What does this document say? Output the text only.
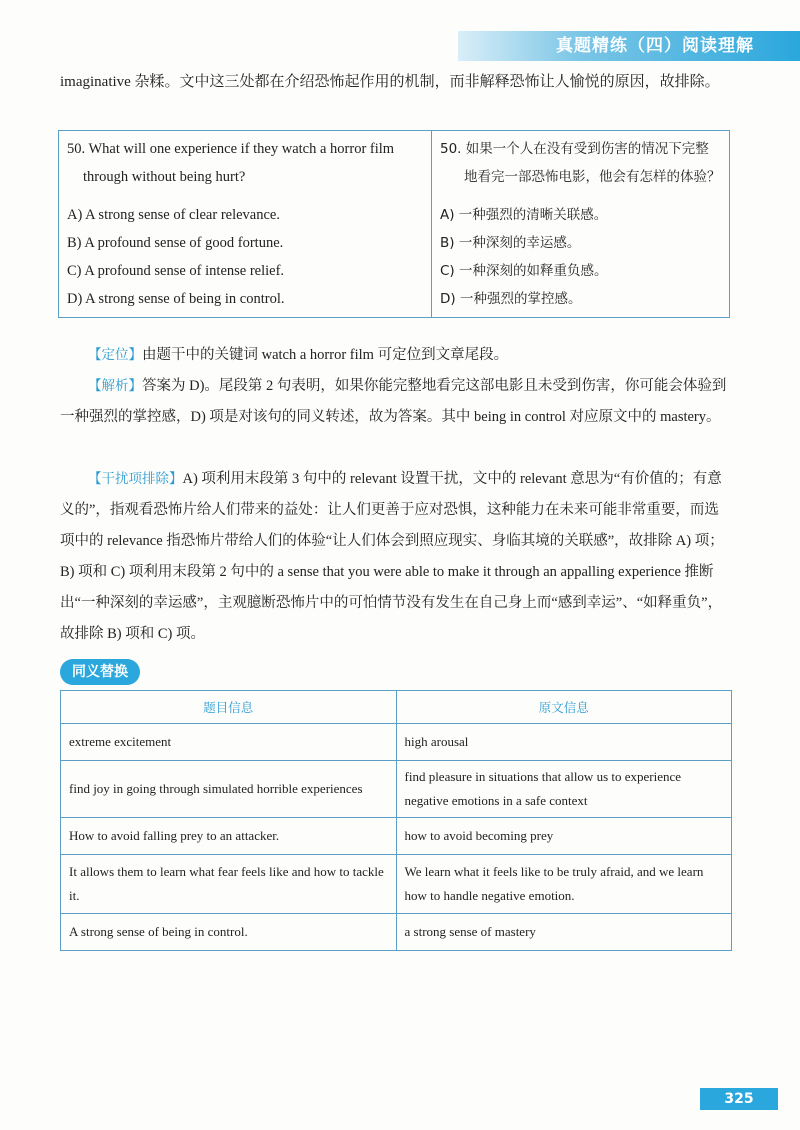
真题精练（四）阅读理解
imaginative 杂糅。文中这三处都在介绍恐怖起作用的机制，而非解释恐怖让人愉悦的原因，故排除。
50. What will one experience if they watch a horror film through without being hurt?
A) A strong sense of clear relevance.
B) A profound sense of good fortune.
C) A profound sense of intense relief.
D) A strong sense of being in control.

50. 如果一个人在没有受到伤害的情况下完整地看完一部恐怖电影，他会有怎样的体验？
A) 一种强烈的清晰关联感。
B) 一种深刻的幸运感。
C) 一种深刻的如释重负感。
D) 一种强烈的掌控感。
【定位】由题干中的关键词 watch a horror film 可定位到文章尾段。
【解析】答案为 D)。尾段第 2 句表明，如果你能完整地看完这部电影且未受到伤害，你可能会体验到一种强烈的掌控感，D) 项是对该句的同义转述，故为答案。其中 being in control 对应原文中的 mastery。
【干扰项排除】A) 项利用末段第 3 句中的 relevant 设置干扰，文中的 relevant 意思为“有价值的；有意义的”，指观看恐怖片给人们带来的益处：让人们更善于应对恐惧，这种能力在未来可能非常重要，而选项中的 relevance 指恐怖片带给人们的体验“让人们体会到照应现实、身临其境的关联感”，故排除 A) 项；B) 项和 C) 项利用末段第 2 句中的 a sense that you were able to make it through an appalling experience 推断出“一种深刻的幸运感”，主观臆断恐怖片中的可怕情节没有发生在自己身上而“感到幸运”、“如释重负”，故排除 B) 项和 C) 项。
同义替换
题目信息	原文信息
extreme excitement	high arousal
find joy in going through simulated horrible experiences	find pleasure in situations that allow us to experience negative emotions in a safe context
How to avoid falling prey to an attacker.	how to avoid becoming prey
It allows them to learn what fear feels like and how to tackle it.	We learn what it feels like to be truly afraid, and we learn how to handle negative emotion.
A strong sense of being in control.	a strong sense of mastery
325
